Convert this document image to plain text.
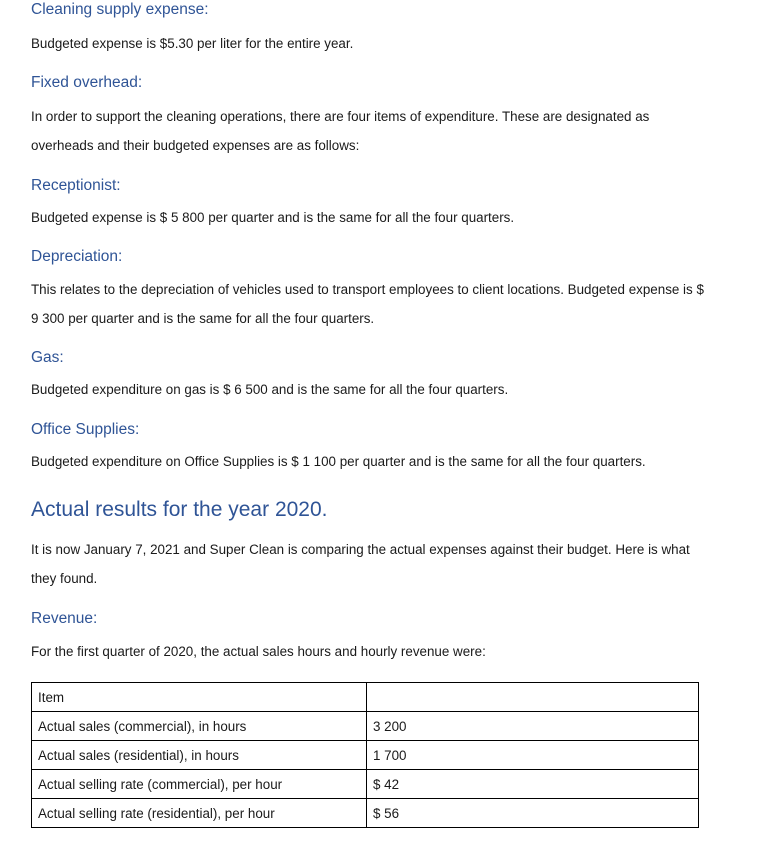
Cleaning supply expense:
Budgeted expense is $5.30 per liter for the entire year.
Fixed overhead:
In order to support the cleaning operations, there are four items of expenditure. These are designated as overheads and their budgeted expenses are as follows:
Receptionist:
Budgeted expense is $ 5 800 per quarter and is the same for all the four quarters.
Depreciation:
This relates to the depreciation of vehicles used to transport employees to client locations. Budgeted expense is $ 9 300 per quarter and is the same for all the four quarters.
Gas:
Budgeted expenditure on gas is $ 6 500 and is the same for all the four quarters.
Office Supplies:
Budgeted expenditure on Office Supplies is $ 1 100 per quarter and is the same for all the four quarters.
Actual results for the year 2020.
It is now January 7, 2021 and Super Clean is comparing the actual expenses against their budget. Here is what they found.
Revenue:
For the first quarter of 2020, the actual sales hours and hourly revenue were:
Item	
Actual sales (commercial), in hours	3 200
Actual sales (residential), in hours	1 700
Actual selling rate (commercial), per hour	$ 42
Actual selling rate (residential), per hour	$ 56
